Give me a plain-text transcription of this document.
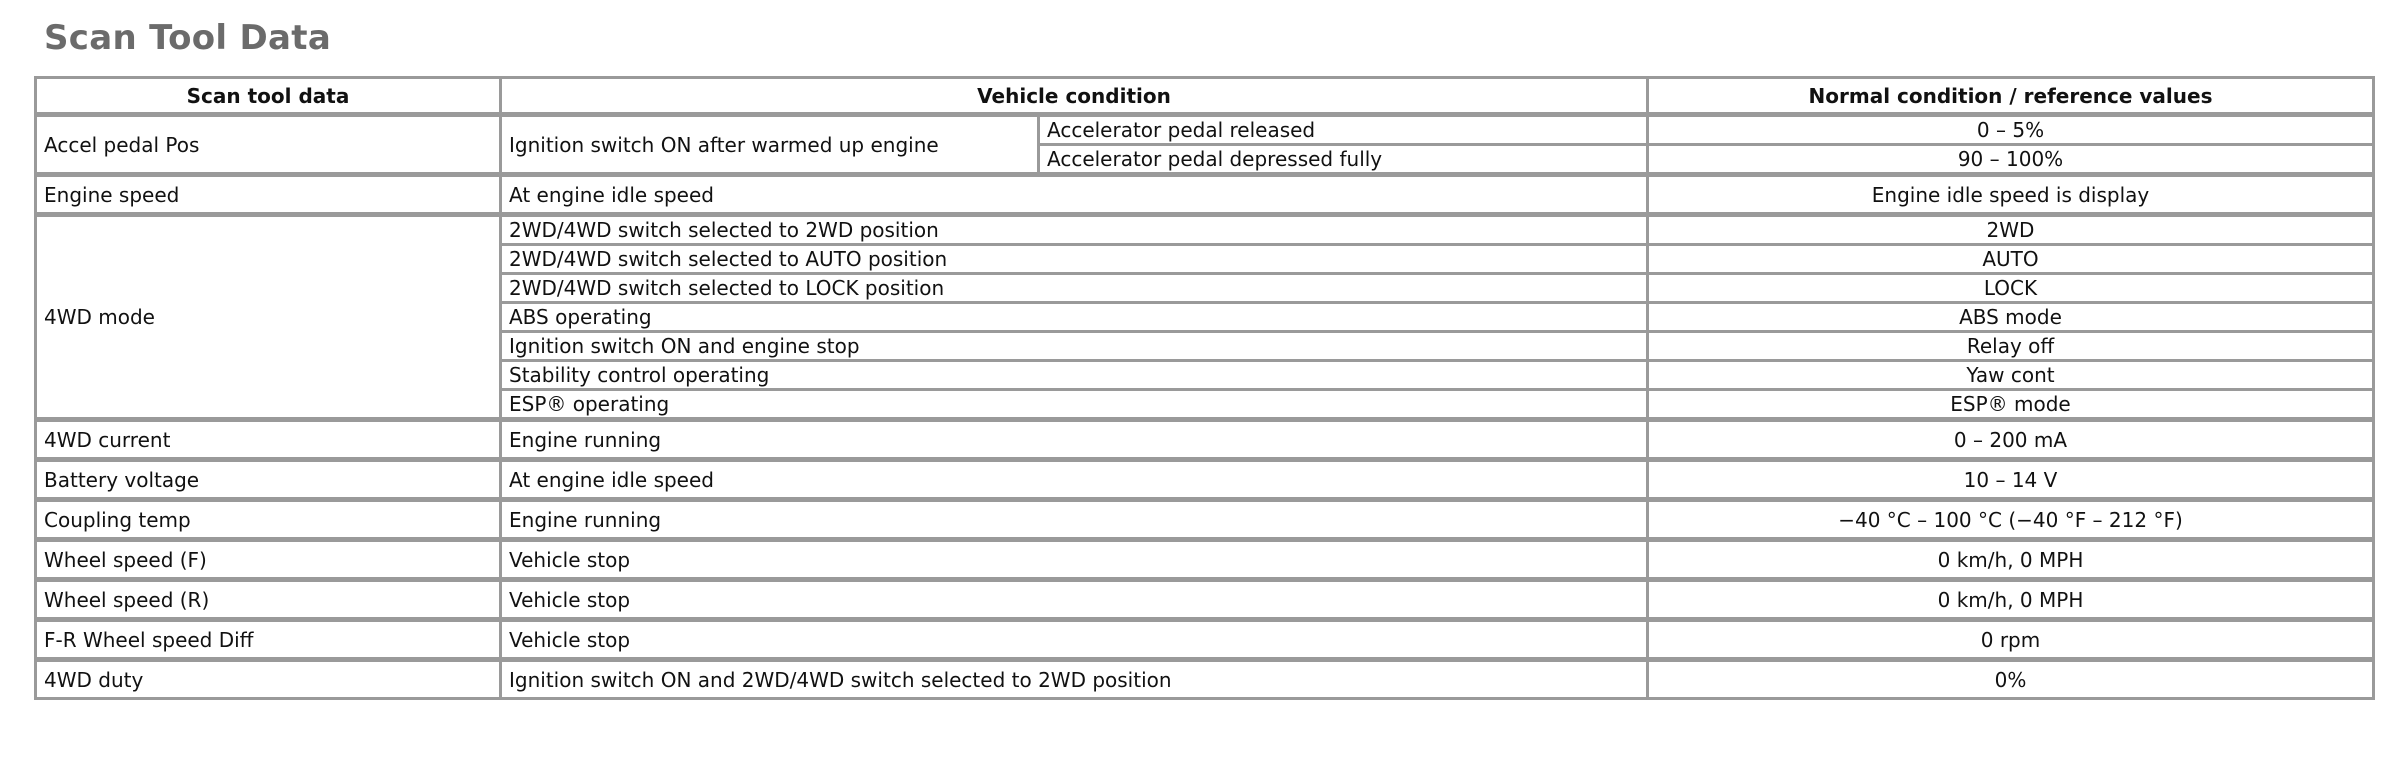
Scan Tool Data
Scan tool data	Vehicle condition		Normal condition / reference values
Accel pedal Pos	Ignition switch ON after warmed up engine	Accelerator pedal released	0 – 5%
		Accelerator pedal depressed fully	90 – 100%
Engine speed	At engine idle speed		Engine idle speed is display
4WD mode	2WD/4WD switch selected to 2WD position		2WD
	2WD/4WD switch selected to AUTO position		AUTO
	2WD/4WD switch selected to LOCK position		LOCK
	ABS operating		ABS mode
	Ignition switch ON and engine stop		Relay off
	Stability control operating		Yaw cont
	ESP® operating		ESP® mode
4WD current	Engine running		0 – 200 mA
Battery voltage	At engine idle speed		10 – 14 V
Coupling temp	Engine running		−40 °C – 100 °C (−40 °F – 212 °F)
Wheel speed (F)	Vehicle stop		0 km/h, 0 MPH
Wheel speed (R)	Vehicle stop		0 km/h, 0 MPH
F-R Wheel speed Diff	Vehicle stop		0 rpm
4WD duty	Ignition switch ON and 2WD/4WD switch selected to 2WD position		0%
